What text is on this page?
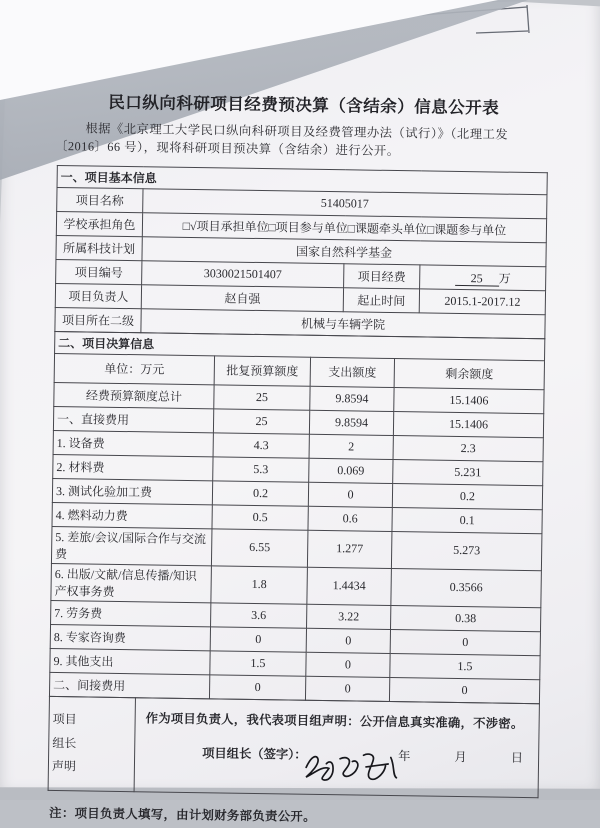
民口纵向科研项目经费预决算（含结余）信息公开表
根据《北京理工大学民口纵向科研项目及经费管理办法（试行）》（北理工发
〔2016〕66 号），现将科研项目预决算（含结余）进行公开。
一、项目基本信息			
项目名称	51405017		
学校承担角色	□√项目承担单位□项目参与单位□课题牵头单位□课题参与单位		
所属科技计划	国家自然科学基金		
项目编号	3030021501407	项目经费	25 万
项目负责人	赵自强	起止时间	2015.1-2017.12
项目所在二级	机械与车辆学院		
二、项目决算信息			
单位：万元	批复预算额度	支出额度	剩余额度
经费预算额度总计	25	9.8594	15.1406
一、直接费用	25	9.8594	15.1406
1. 设备费	4.3	2	2.3
2. 材料费	5.3	0.069	5.231
3. 测试化验加工费	0.2	0	0.2
4. 燃料动力费	0.5	0.6	0.1
5. 差旅/会议/国际合作与交流费	6.55	1.277	5.273
6. 出版/文献/信息传播/知识产权事务费	1.8	1.4434	0.3566
7. 劳务费	3.6	3.22	0.38
8. 专家咨询费	0	0	0
9. 其他支出	1.5	0	1.5
二、间接费用	0	0	0
项目
组长
声明

作为项目负责人，我代表项目组声明：公开信息真实准确，不涉密。
项目组长（签字）：	年	月	日
注：项目负责人填写，由计划财务部负责公开。
